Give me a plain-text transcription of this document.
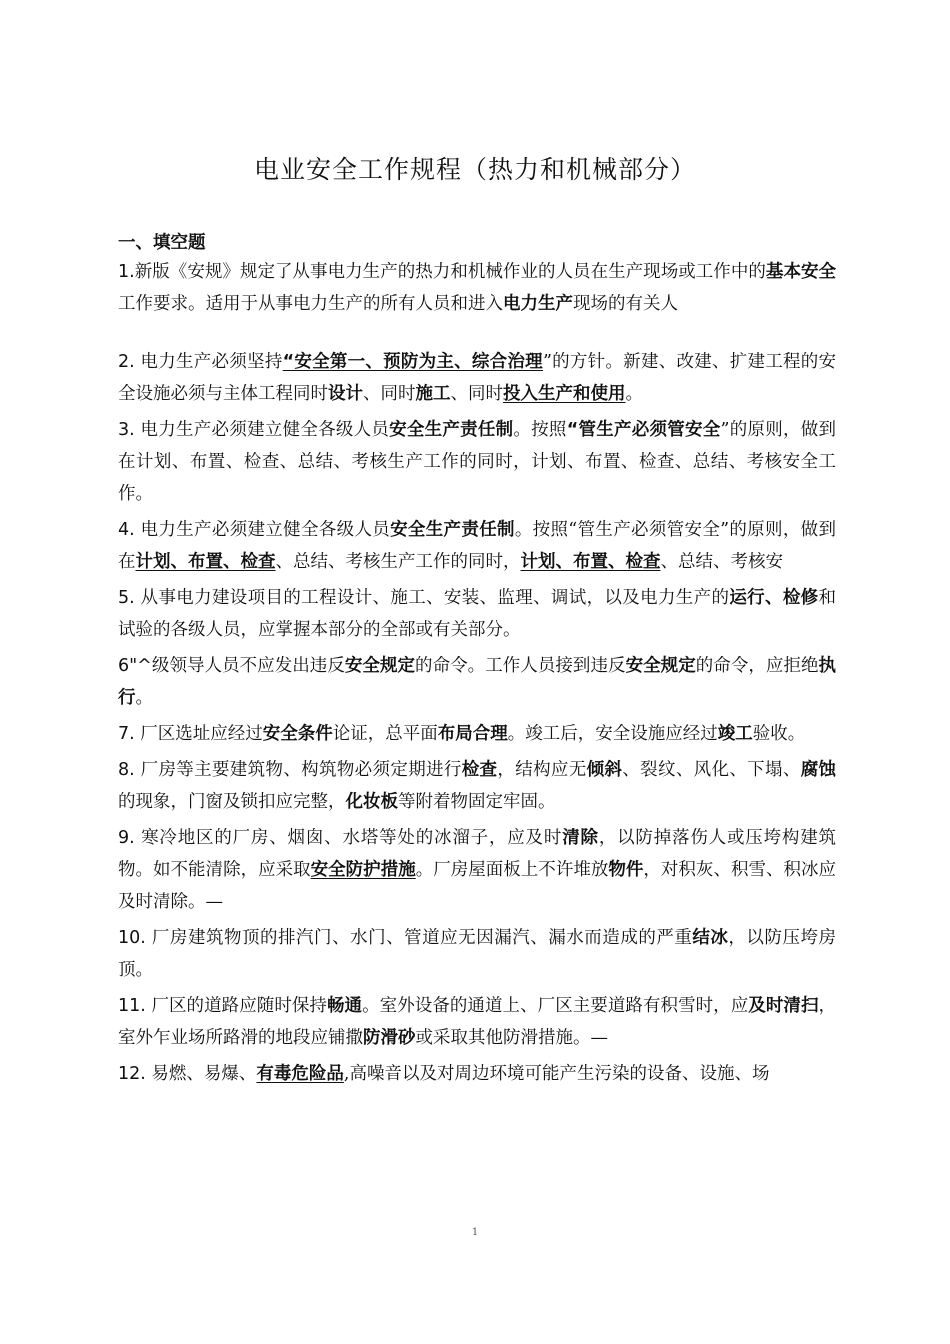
电业安全工作规程（热力和机械部分）

一、填空题

1.新版《安规》规定了从事电力生产的热力和机械作业的人员在生产现场或工作中的基本安全工作要求。适用于从事电力生产的所有人员和进入电力生产现场的有关人

2. 电力生产必须坚持“安全第一、预防为主、综合治理”的方针。新建、改建、扩建工程的安全设施必须与主体工程同时设计、同时施工、同时投入生产和使用。

3. 电力生产必须建立健全各级人员安全生产责任制。按照“管生产必须管安全”的原则，做到在计划、布置、检查、总结、考核生产工作的同时，计划、布置、检查、总结、考核安全工作。

4. 电力生产必须建立健全各级人员安全生产责任制。按照“管生产必须管安全”的原则，做到在计划、布置、检查、总结、考核生产工作的同时，计划、布置、检查、总结、考核安

5. 从事电力建设项目的工程设计、施工、安装、监理、调试，以及电力生产的运行、检修和试验的各级人员，应掌握本部分的全部或有关部分。

6"^级领导人员不应发出违反安全规定的命令。工作人员接到违反安全规定的命令，应拒绝执行。

7. 厂区选址应经过安全条件论证，总平面布局合理。竣工后，安全设施应经过竣工验收。

8. 厂房等主要建筑物、构筑物必须定期进行检查，结构应无倾斜、裂纹、风化、下塌、腐蚀的现象，门窗及锁扣应完整，化妆板等附着物固定牢固。

9. 寒冷地区的厂房、烟囱、水塔等处的冰溜子，应及时清除，以防掉落伤人或压垮构建筑物。如不能清除，应采取安全防护措施。厂房屋面板上不许堆放物件，对积灰、积雪、积冰应及时清除。—

10. 厂房建筑物顶的排汽门、水门、管道应无因漏汽、漏水而造成的严重结冰，以防压垮房顶。

11. 厂区的道路应随时保持畅通。室外设备的通道上、厂区主要道路有积雪时，应及时清扫，室外乍业场所路滑的地段应铺撒防滑砂或采取其他防滑措施。—

12. 易燃、易爆、有毒危险品,高噪音以及对周边环境可能产生污染的设备、设施、场

1
